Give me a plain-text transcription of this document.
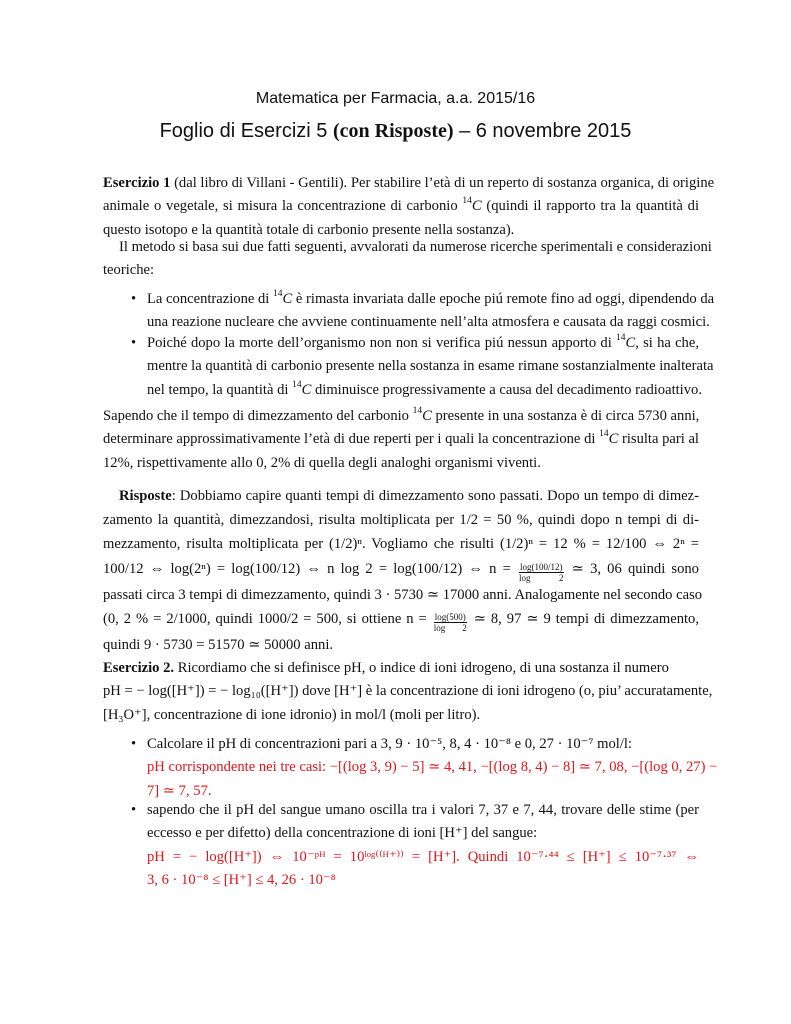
Matematica per Farmacia, a.a. 2015/16
Foglio di Esercizi 5 (con Risposte) – 6 novembre 2015
Esercizio 1 (dal libro di Villani - Gentili). Per stabilire l’età di un reperto di sostanza organica, di origine
animale o vegetale, si misura la concentrazione di carbonio $^{14}$C (quindi il rapporto tra la quantità di
questo isotopo e la quantità totale di carbonio presente nella sostanza).
Il metodo si basa sui due fatti seguenti, avvalorati da numerose ricerche sperimentali e considerazioni
teoriche:
• La concentrazione di $^{14}$C è rimasta invariata dalle epoche piú remote fino ad oggi, dipendendo da
una reazione nucleare che avviene continuamente nell’alta atmosfera e causata da raggi cosmici.
• Poiché dopo la morte dell’organismo non non si verifica piú nessun apporto di $^{14}$C, si ha che,
mentre la quantità di carbonio presente nella sostanza in esame rimane sostanzialmente inalterata
nel tempo, la quantità di $^{14}$C diminuisce progressivamente a causa del decadimento radioattivo.
Sapendo che il tempo di dimezzamento del carbonio $^{14}$C presente in una sostanza è di circa 5730 anni,
determinare approssimativamente l’età di due reperti per i quali la concentrazione di $^{14}$C risulta pari al
12%, rispettivamente allo 0, 2% di quella degli analoghi organismi viventi.
Risposte: Dobbiamo capire quanti tempi di dimezzamento sono passati. Dopo un tempo di dimez-
zamento la quantità, dimezzandosi, risulta moltiplicata per 1/2 = 50 %, quindi dopo n tempi di di-
mezzamento, risulta moltiplicata per (1/2)ⁿ. Vogliamo che risulti (1/2)ⁿ = 12 % = 12/100 ⇔ 2ⁿ =
100/12 ⇔ log(2ⁿ) = log(100/12) ⇔ n log 2 = log(100/12) ⇔ $n = \frac{\log(100/12)}{\log 2}$ ≃ 3, 06 quindi sono
passati circa 3 tempi di dimezzamento, quindi 3 · 5730 ≃ 17000 anni. Analogamente nel secondo caso
(0, 2 % = 2/1000, quindi 1000/2 = 500, si ottiene $n = \frac{\log(500)}{\log 2}$ ≃ 8, 97 ≃ 9 tempi di dimezzamento,
quindi 9 · 5730 = 51570 ≃ 50000 anni.
Esercizio 2. Ricordiamo che si definisce pH, o indice di ioni idrogeno, di una sostanza il numero
pH = − log([H⁺]) = − log₁₀([H⁺]) dove [H⁺] è la concentrazione di ioni idrogeno (o, piu’ accuratamente,
[H₃O⁺], concentrazione di ione idronio) in mol/l (moli per litro).
• Calcolare il pH di concentrazioni pari a 3, 9 · 10⁻⁵, 8, 4 · 10⁻⁸ e 0, 27 · 10⁻⁷ mol/l:
pH corrispondente nei tre casi: −[(log 3, 9) − 5] ≃ 4, 41, −[(log 8, 4) − 8] ≃ 7, 08, −[(log 0, 27) −
7] ≃ 7, 57.
• sapendo che il pH del sangue umano oscilla tra i valori 7, 37 e 7, 44, trovare delle stime (per
eccesso e per difetto) della concentrazione di ioni [H⁺] del sangue:
pH = − log([H⁺]) ⇔ 10⁻ᵖᴴ = 10ˡᵒᵍ⁽⁽ᴴ⁺⁾⁾ = [H⁺]. Quindi 10⁻⁷·⁴⁴ ≤ [H⁺] ≤ 10⁻⁷·³⁷ ⇔
3, 6 · 10⁻⁸ ≤ [H⁺] ≤ 4, 26 · 10⁻⁸
